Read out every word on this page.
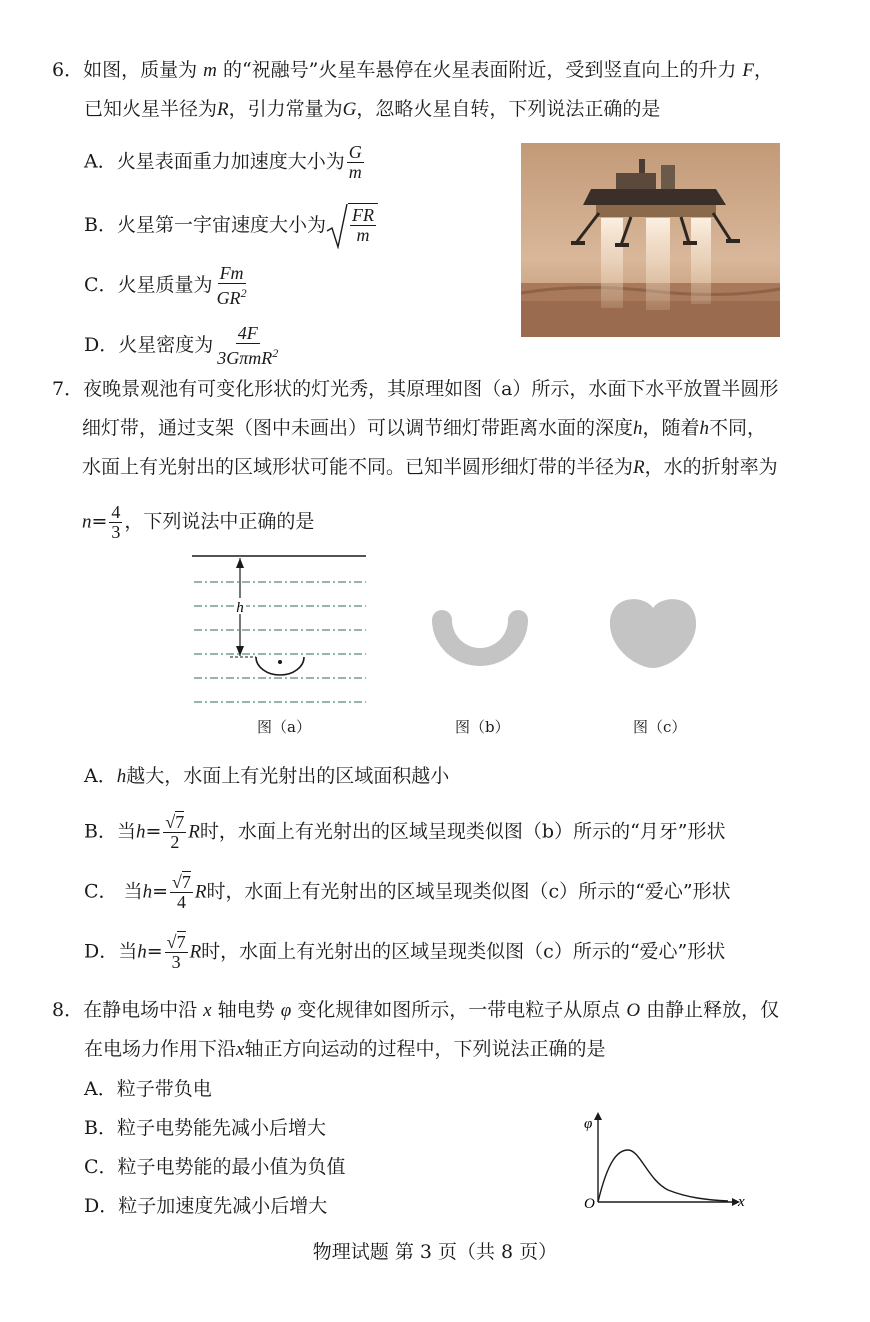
6．如图，质量为 m 的“祝融号”火星车悬停在火星表面附近，受到竖直向上的升力 F，
已知火星半径为R，引力常量为G，忽略火星自转，下列说法正确的是
A．火星表面重力加速度大小为 $\frac{G}{m}$
B．火星第一宇宙速度大小为 $\frac{FR}{m}$
C．火星质量为 $\frac{Fm}{GR^2}$
D．火星密度为 $\frac{4F}{3G\pi mR^2}$
7．夜晚景观池有可变化形状的灯光秀，其原理如图（a）所示，水面下水平放置半圆形
细灯带，通过支架（图中未画出）可以调节细灯带距离水面的深度h，随着h不同，
水面上有光射出的区域形状可能不同。已知半圆形细灯带的半径为R，水的折射率为
$n= \frac{4}{3}$ ，下列说法中正确的是
h
图（a）	图（b）	图（c）
A．h越大，水面上有光射出的区域面积越小
B．当$h= \frac{√7}{2}$ R时，水面上有光射出的区域呈现类似图（b）所示的“月牙”形状
C． 当$h= \frac{√7}{4}$ R时，水面上有光射出的区域呈现类似图（c）所示的“爱心”形状
D．当$h= \frac{√7}{3}$ R时，水面上有光射出的区域呈现类似图（c）所示的“爱心”形状
8．在静电场中沿 x 轴电势 φ 变化规律如图所示，一带电粒子从原点 O 由静止释放，仅
在电场力作用下沿x轴正方向运动的过程中，下列说法正确的是
A．粒子带负电
B．粒子电势能先减小后增大
C．粒子电势能的最小值为负值
D．粒子加速度先减小后增大
φ
x
O
物理试题 第 3 页（共 8 页）
